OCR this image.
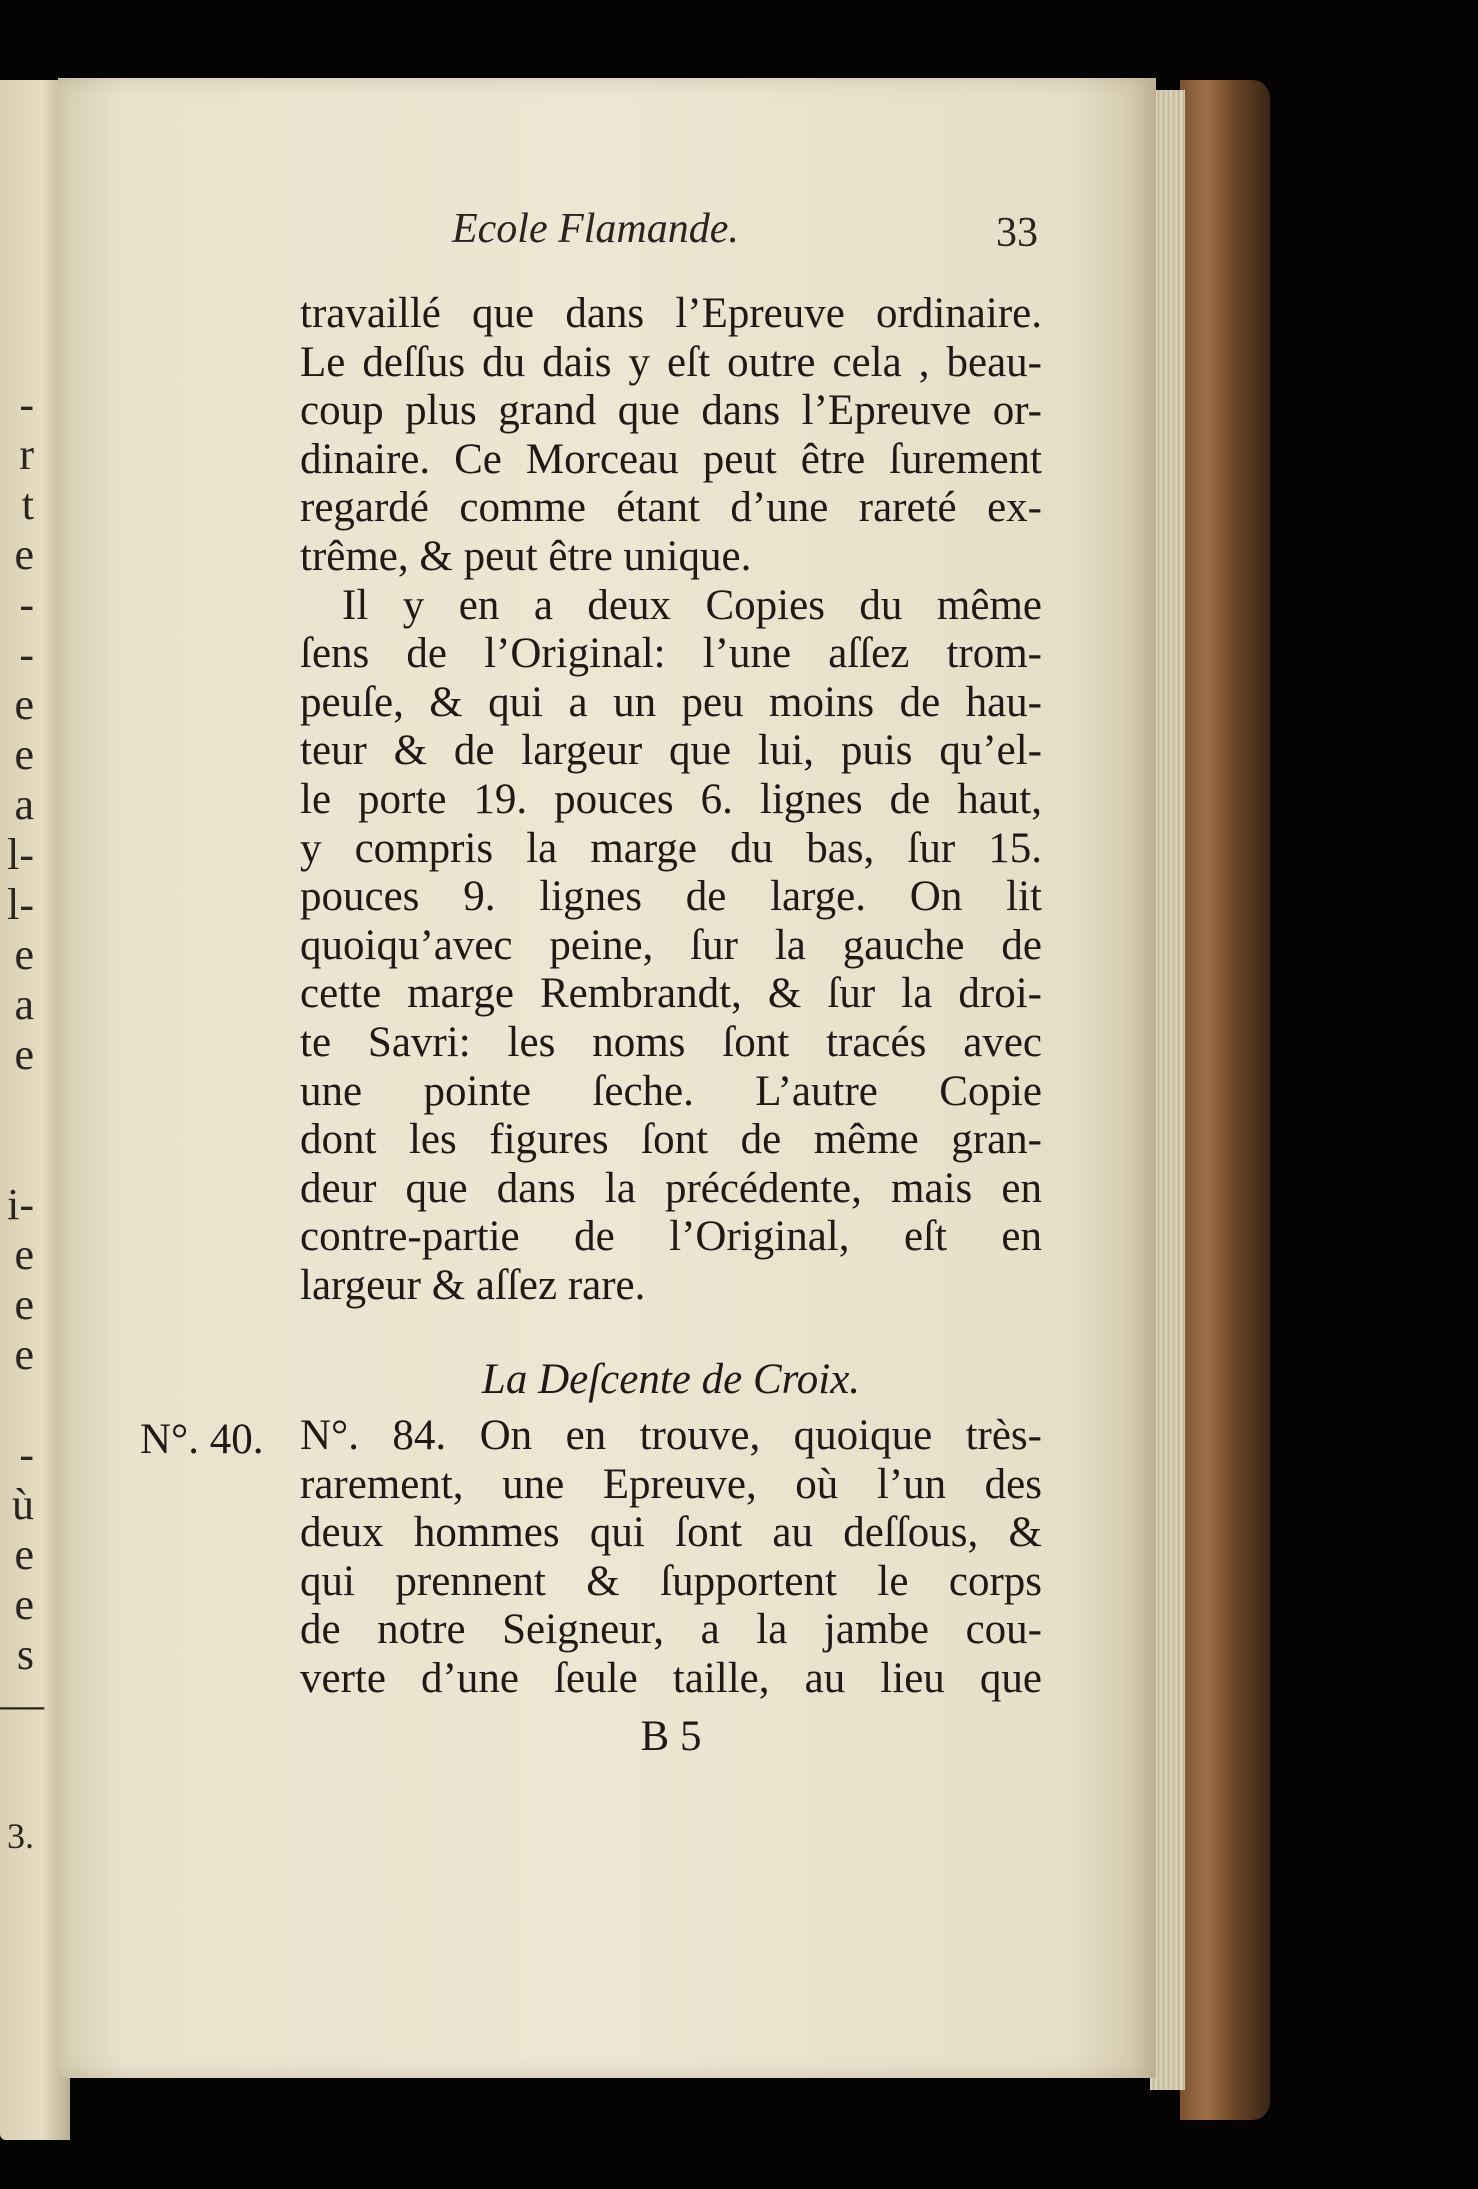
-
r
t
e
-
-
e
e
a
l-
l-
e
a
e
i-
e
e
e
-
ù
e
e
s
—
3.
Ecole Flamande.	33
travaillé que dans l’Epreuve ordinaire.
Le deſſus du dais y eſt outre cela , beau-
coup plus grand que dans l’Epreuve or-
dinaire. Ce Morceau peut être ſurement
regardé comme étant d’une rareté ex-
trême, & peut être unique.
Il y en a deux Copies du même
ſens de l’Original: l’une aſſez trom-
peuſe, & qui a un peu moins de hau-
teur & de largeur que lui, puis qu’el-
le porte 19. pouces 6. lignes de haut,
y compris la marge du bas, ſur 15.
pouces 9. lignes de large. On lit
quoiqu’avec peine, ſur la gauche de
cette marge Rembrandt, & ſur la droi-
te Savri: les noms ſont tracés avec
une pointe ſeche. L’autre Copie
dont les figures ſont de même gran-
deur que dans la précédente, mais en
contre-partie de l’Original, eſt en
largeur & aſſez rare.
La Deſcente de Croix.
N°. 40. N°. 84. On en trouve, quoique très-
rarement, une Epreuve, où l’un des
deux hommes qui ſont au deſſous, &
qui prennent & ſupportent le corps
de notre Seigneur, a la jambe cou-
verte d’une ſeule taille, au lieu que
B 5
